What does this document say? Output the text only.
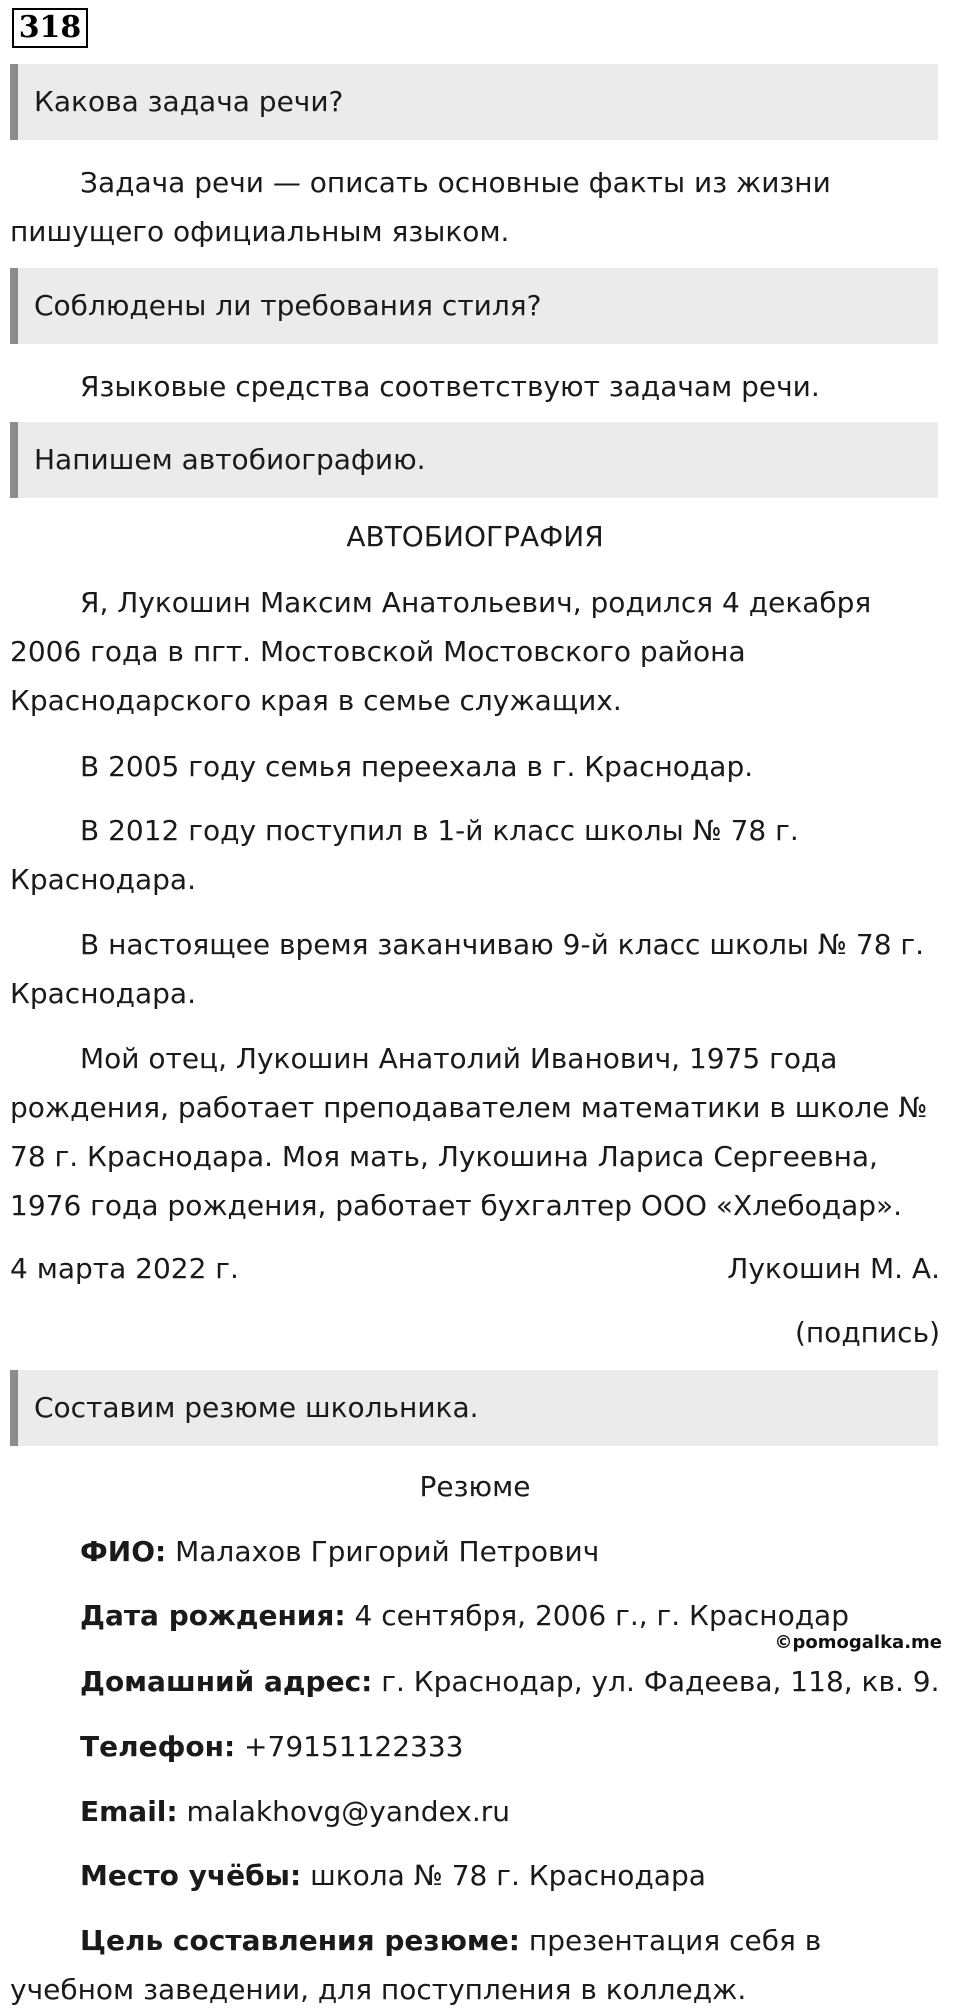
318
Какова задача речи?
Задача речи — описать основные факты из жизни пишущего официальным языком.
Соблюдены ли требования стиля?
Языковые средства соответствуют задачам речи.
Напишем автобиографию.
АВТОБИОГРАФИЯ
Я, Лукошин Максим Анатольевич, родился 4 декабря 2006 года в пгт. Мостовской Мостовского района Краснодарского края в семье служащих.
В 2005 году семья переехала в г. Краснодар.
В 2012 году поступил в 1-й класс школы № 78 г. Краснодара.
В настоящее время заканчиваю 9-й класс школы № 78 г. Краснодара.
Мой отец, Лукошин Анатолий Иванович, 1975 года рождения, работает преподавателем математики в школе № 78 г. Краснодара. Моя мать, Лукошина Лариса Сергеевна, 1976 года рождения, работает бухгалтер ООО «Хлебодар».
4 марта 2022 г.	Лукошин М. А.
(подпись)
Составим резюме школьника.
Резюме
ФИО: Малахов Григорий Петрович
Дата рождения: 4 сентября, 2006 г., г. Краснодар
©pomogalka.me
Домашний адрес: г. Краснодар, ул. Фадеева, 118, кв. 9.
Телефон: +79151122333
Email: malakhovg@yandex.ru
Место учёбы: школа № 78 г. Краснодара
Цель составления резюме: презентация себя в учебном заведении, для поступления в колледж.
